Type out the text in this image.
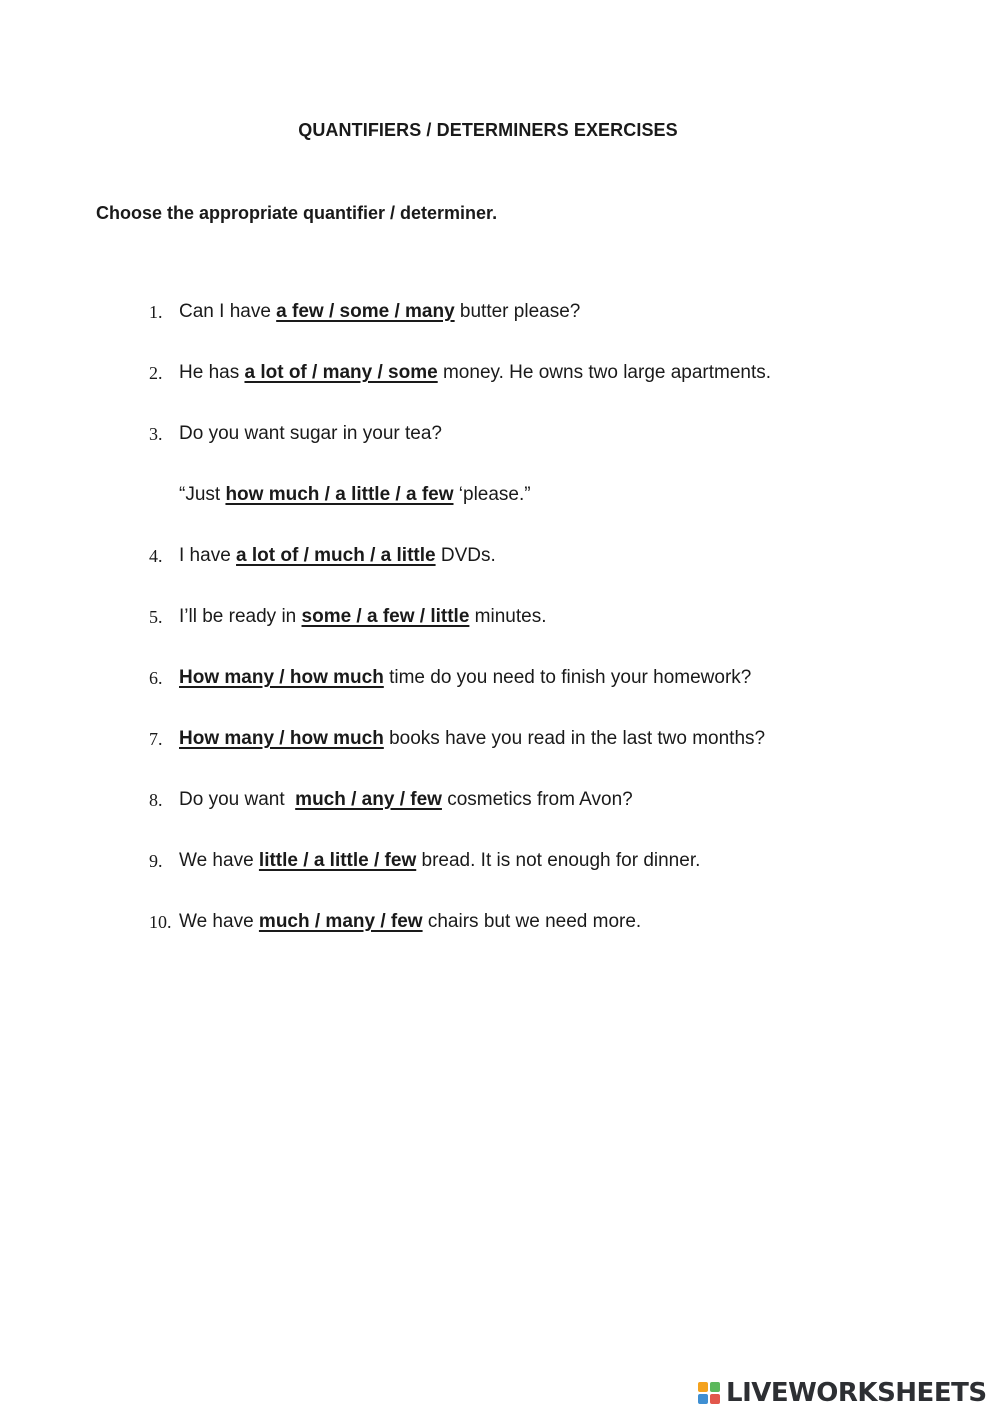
QUANTIFIERS / DETERMINERS EXERCISES
Choose the appropriate quantifier / determiner.
1. Can I have a few / some / many butter please?
2. He has a lot of / many / some money. He owns two large apartments.
3. Do you want sugar in your tea?
“Just how much / a little / a few ‘please.”
4. I have a lot of / much / a little DVDs.
5. I’ll be ready in some / a few / little minutes.
6. How many / how much time do you need to finish your homework?
7. How many / how much books have you read in the last two months?
8. Do you want  much / any / few cosmetics from Avon?
9. We have little / a little / few bread. It is not enough for dinner.
10. We have much / many / few chairs but we need more.
LIVEWORKSHEETS
